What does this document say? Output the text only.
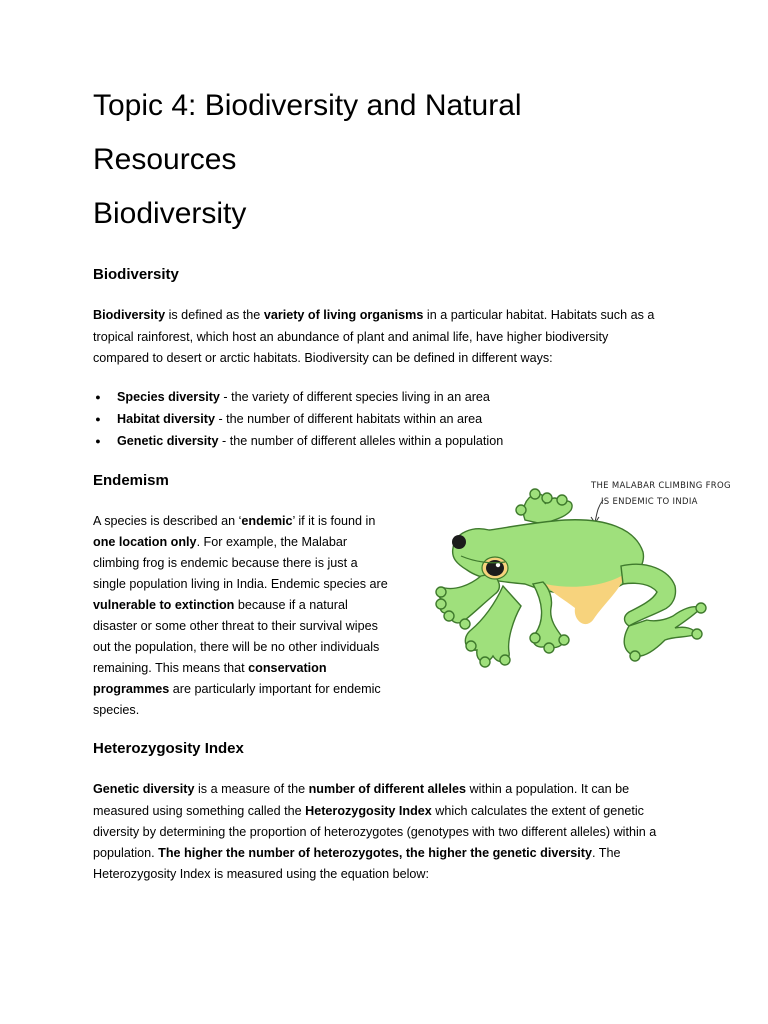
Topic 4: Biodiversity and Natural
Resources
Biodiversity
Biodiversity

Biodiversity is defined as the variety of living organisms in a particular habitat. Habitats such as a

tropical rainforest, which host an abundance of plant and animal life, have higher biodiversity

compared to desert or arctic habitats. Biodiversity can be defined in different ways:

● Species diversity - the variety of different species living in an area
● Habitat diversity - the number of different habitats within an area
● Genetic diversity - the number of different alleles within a population
Endemism

A species is described an ‘endemic’ if it is found in

one location only. For example, the Malabar

climbing frog is endemic because there is just a

single population living in India. Endemic species are

vulnerable to extinction because if a natural

disaster or some other threat to their survival wipes

out the population, there will be no other individuals

remaining. This means that conservation

programmes are particularly important for endemic

species.

THE MALABAR CLIMBING FROG
IS ENDEMIC TO INDIA
Heterozygosity Index

Genetic diversity is a measure of the number of different alleles within a population. It can be

measured using something called the Heterozygosity Index which calculates the extent of genetic

diversity by determining the proportion of heterozygotes (genotypes with two different alleles) within a

population. The higher the number of heterozygotes, the higher the genetic diversity. The

Heterozygosity Index is measured using the equation below:
